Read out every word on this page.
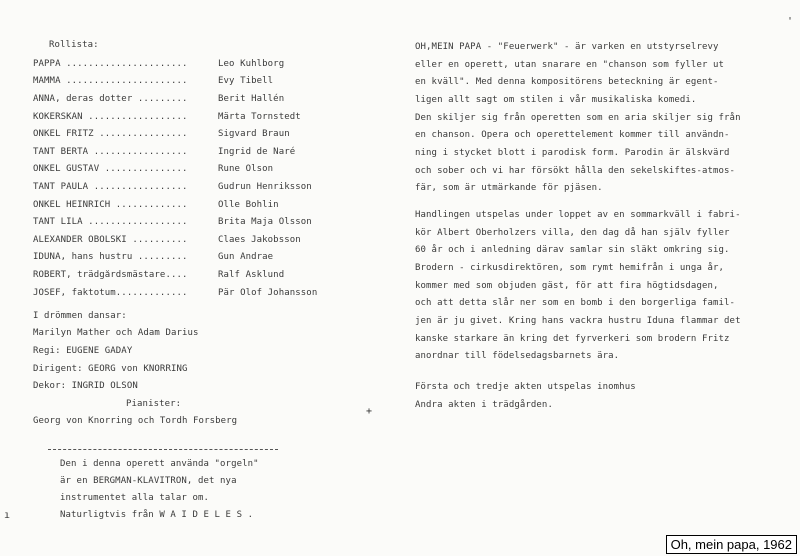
Rollista:
PAPPA ......................	Leo Kuhlborg
MAMMA ......................	Evy Tibell
ANNA, deras dotter .........	Berit Hallén
KOKERSKAN ..................	Märta Tornstedt
ONKEL FRITZ ................	Sigvard Braun
TANT BERTA .................	Ingrid de Naré
ONKEL GUSTAV ...............	Rune Olson
TANT PAULA .................	Gudrun Henriksson
ONKEL HEINRICH .............	Olle Bohlin
TANT LILA ..................	Brita Maja Olsson
ALEXANDER OBOLSKI ..........	Claes Jakobsson
IDUNA, hans hustru .........	Gun Andrae
ROBERT, trädgårdsmästare....	Ralf Asklund
JOSEF, faktotum.............	Pär Olof Johansson
I drömmen dansar:
Marilyn Mather och Adam Darius
Regi: EUGENE GADAY
Dirigent: GEORG von KNORRING
Dekor: INGRID OLSON
Pianister:
Georg von Knorring och Tordh Forsberg
Den i denna operett använda "orgeln"
är en BERGMAN-KLAVITRON, det nya
instrumentet alla talar om.
Naturligtvis från W A I D E L E S .
OH,MEIN PAPA - "Feuerwerk" - är varken en utstyrselrevy
eller en operett, utan snarare en "chanson som fyller ut
en kväll". Med denna kompositörens beteckning är egent-
ligen allt sagt om stilen i vår musikaliska komedi.
Den skiljer sig från operetten som en aria skiljer sig från
en chanson. Opera och operettelement kommer till användn-
ning i stycket blott i parodisk form. Parodin är älskvärd
och sober och vi har försökt hålla den sekelskiftes-atmos-
fär, som är utmärkande för pjäsen.
Handlingen utspelas under loppet av en sommarkväll i fabri-
kör Albert Oberholzers villa, den dag då han själv fyller
60 år och i anledning därav samlar sin släkt omkring sig.
Brodern - cirkusdirektören, som rymt hemifrån i unga år,
kommer med som objuden gäst, för att fira högtidsdagen,
och att detta slår ner som en bomb i den borgerliga famil-
jen är ju givet. Kring hans vackra hustru Iduna flammar det
kanske starkare än kring det fyrverkeri som brodern Fritz
anordnar till födelsedagsbarnets ära.
Första och tredje akten utspelas inomhus
Andra akten i trädgården.
+
'
ı
Oh, mein papa, 1962
